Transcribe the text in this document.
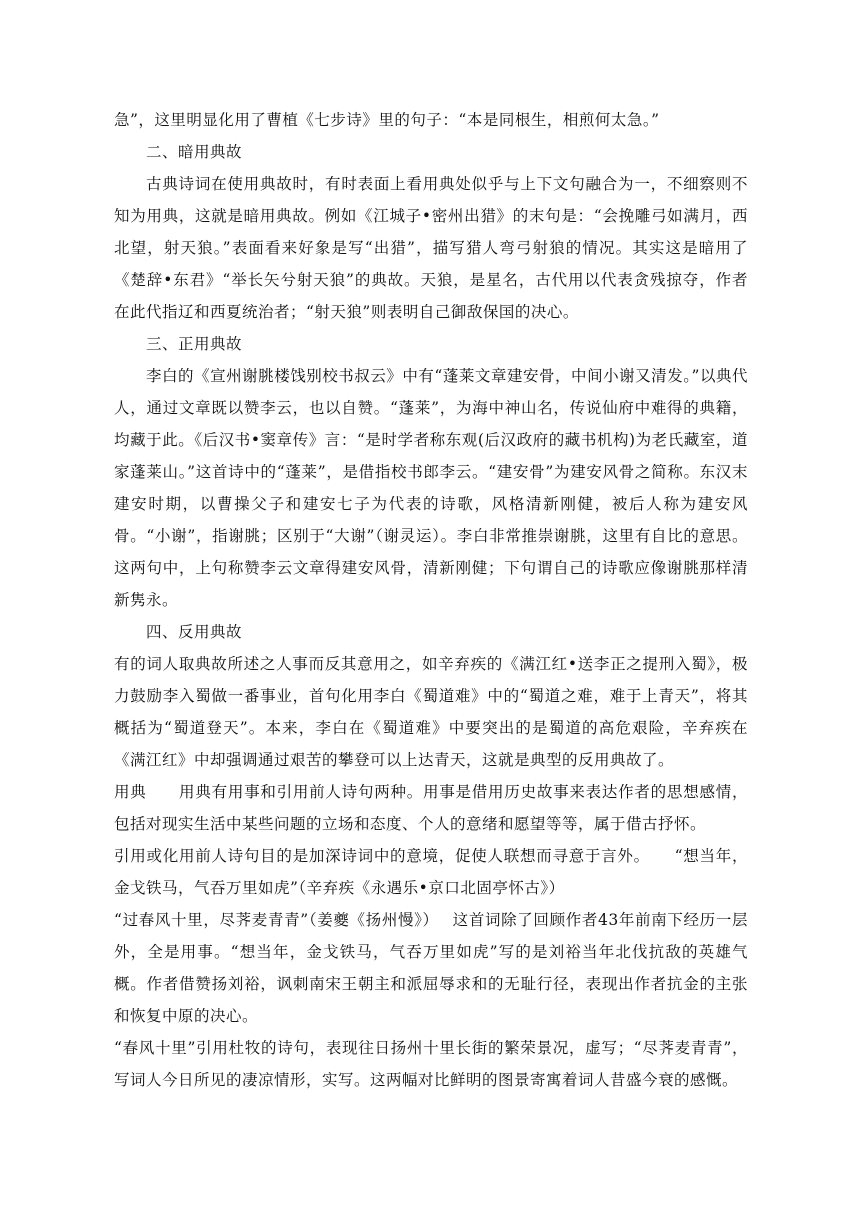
急”，这里明显化用了曹植《七步诗》里的句子：“本是同根生，相煎何太急。”

二、暗用典故

古典诗词在使用典故时，有时表面上看用典处似乎与上下文句融合为一，不细察则不知为用典，这就是暗用典故。例如《江城子•密州出猎》的末句是：“会挽雕弓如满月，西北望，射天狼。”表面看来好象是写“出猎”，描写猎人弯弓射狼的情况。其实这是暗用了《楚辞•东君》“举长矢兮射天狼”的典故。天狼，是星名，古代用以代表贪残掠夺，作者在此代指辽和西夏统治者；“射天狼”则表明自己御敌保国的决心。

三、正用典故

李白的《宣州谢朓楼饯别校书叔云》中有“蓬莱文章建安骨，中间小谢又清发。”以典代人，通过文章既以赞李云，也以自赞。“蓬莱”，为海中神山名，传说仙府中难得的典籍，均藏于此。《后汉书•窦章传》言：“是时学者称东观(后汉政府的藏书机构)为老氏藏室，道家蓬莱山。”这首诗中的“蓬莱”，是借指校书郎李云。“建安骨”为建安风骨之简称。东汉末建安时期，以曹操父子和建安七子为代表的诗歌，风格清新刚健，被后人称为建安风骨。“小谢”，指谢朓；区别于“大谢”（谢灵运）。李白非常推崇谢朓，这里有自比的意思。这两句中，上句称赞李云文章得建安风骨，清新刚健；下句谓自己的诗歌应像谢朓那样清新隽永。

四、反用典故

有的词人取典故所述之人事而反其意用之，如辛弃疾的《满江红•送李正之提刑入蜀》，极力鼓励李入蜀做一番事业，首句化用李白《蜀道难》中的“蜀道之难，难于上青天”，将其概括为“蜀道登天”。本来，李白在《蜀道难》中要突出的是蜀道的高危艰险，辛弃疾在《满江红》中却强调通过艰苦的攀登可以上达青天，这就是典型的反用典故了。

用典　　用典有用事和引用前人诗句两种。用事是借用历史故事来表达作者的思想感情，包括对现实生活中某些问题的立场和态度、个人的意绪和愿望等等，属于借古抒怀。

引用或化用前人诗句目的是加深诗词中的意境，促使人联想而寻意于言外。　　“想当年，金戈铁马，气吞万里如虎”（辛弃疾《永遇乐•京口北固亭怀古》）

“过春风十里，尽荠麦青青”（姜夔《扬州慢》）　 这首词除了回顾作者43年前南下经历一层外，全是用事。“想当年，金戈铁马，气吞万里如虎”写的是刘裕当年北伐抗敌的英雄气概。作者借赞扬刘裕，讽刺南宋王朝主和派屈辱求和的无耻行径，表现出作者抗金的主张和恢复中原的决心。

“春风十里”引用杜牧的诗句，表现往日扬州十里长街的繁荣景况，虚写；“尽荠麦青青”，写词人今日所见的凄凉情形，实写。这两幅对比鲜明的图景寄寓着词人昔盛今衰的感慨。
